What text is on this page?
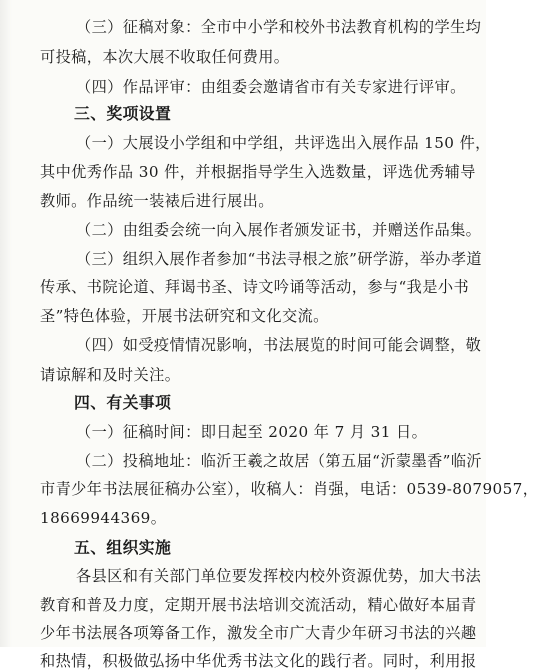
（三）征稿对象：全市中小学和校外书法教育机构的学生均
可投稿，本次大展不收取任何费用。
（四）作品评审：由组委会邀请省市有关专家进行评审。
三、奖项设置
（一）大展设小学组和中学组，共评选出入展作品 150 件，
其中优秀作品 30 件，并根据指导学生入选数量，评选优秀辅导
教师。作品统一装裱后进行展出。
（二）由组委会统一向入展作者颁发证书，并赠送作品集。
（三）组织入展作者参加“书法寻根之旅”研学游，举办孝道
传承、书院论道、拜谒书圣、诗文吟诵等活动，参与“我是小书
圣”特色体验，开展书法研究和文化交流。
（四）如受疫情情况影响，书法展览的时间可能会调整，敬
请谅解和及时关注。
四、有关事项
（一）征稿时间：即日起至 2020 年 7 月 31 日。
（二）投稿地址：临沂王羲之故居（第五届“沂蒙墨香”临沂
市青少年书法展征稿办公室），收稿人：肖强，电话：0539-8079057，
18669944369。
五、组织实施
各县区和有关部门单位要发挥校内校外资源优势，加大书法
教育和普及力度，定期开展书法培训交流活动，精心做好本届青
少年书法展各项筹备工作，激发全市广大青少年研习书法的兴趣
和热情，积极做弘扬中华优秀书法文化的践行者。同时，利用报
